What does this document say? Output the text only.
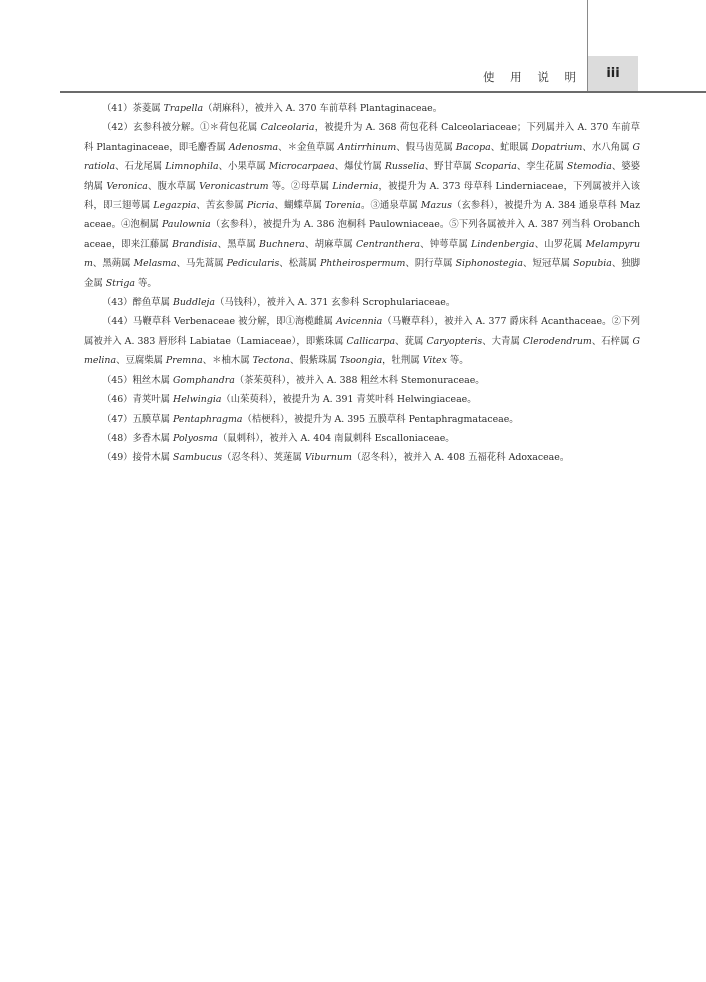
使 用 说 明	iii

（41）茶菱属 Trapella（胡麻科），被并入 A. 370 车前草科 Plantaginaceae。

（42）玄参科被分解。①＊荷包花属 Calceolaria，被提升为 A. 368 荷包花科 Calceolariaceae；下列属并入 A. 370 车前草科 Plantaginaceae，即毛麝香属 Adenosma、＊金鱼草属 Antirrhinum、假马齿苋属 Bacopa、虻眼属 Dopatrium、水八角属 Gratiola、石龙尾属 Limnophila、小果草属 Microcarpaea、爆仗竹属 Russelia、野甘草属 Scoparia、孪生花属 Stemodia、婆婆纳属 Veronica、腹水草属 Veronicastrum 等。②母草属 Lindernia，被提升为 A. 373 母草科 Linderniaceae，下列属被并入该科，即三翅萼属 Legazpia、苦玄参属 Picria、蝴蝶草属 Torenia。③通泉草属 Mazus（玄参科），被提升为 A. 384 通泉草科 Mazaceae。④泡桐属 Paulownia（玄参科），被提升为 A. 386 泡桐科 Paulowniaceae。⑤下列各属被并入 A. 387 列当科 Orobanchaceae，即来江藤属 Brandisia、黑草属 Buchnera、胡麻草属 Centranthera、钟萼草属 Lindenbergia、山罗花属 Melampyrum、黑蒴属 Melasma、马先蒿属 Pedicularis、松蒿属 Phtheirospermum、阴行草属 Siphonostegia、短冠草属 Sopubia、独脚金属 Striga 等。

（43）醉鱼草属 Buddleja（马钱科），被并入 A. 371 玄参科 Scrophulariaceae。

（44）马鞭草科 Verbenaceae 被分解，即①海榄雌属 Avicennia（马鞭草科），被并入 A. 377 爵床科 Acanthaceae。②下列属被并入 A. 383 唇形科 Labiatae（Lamiaceae），即紫珠属 Callicarpa、莸属 Caryopteris、大青属 Clerodendrum、石梓属 Gmelina、豆腐柴属 Premna、＊柚木属 Tectona、假紫珠属 Tsoongia，牡荆属 Vitex 等。

（45）粗丝木属 Gomphandra（茶茱萸科），被并入 A. 388 粗丝木科 Stemonuraceae。

（46）青荚叶属 Helwingia（山茱萸科），被提升为 A. 391 青荚叶科 Helwingiaceae。

（47）五膜草属 Pentaphragma（桔梗科），被提升为 A. 395 五膜草科 Pentaphragmataceae。

（48）多香木属 Polyosma（鼠刺科），被并入 A. 404 南鼠刺科 Escalloniaceae。

（49）接骨木属 Sambucus（忍冬科）、荚蒾属 Viburnum（忍冬科），被并入 A. 408 五福花科 Adoxaceae。
